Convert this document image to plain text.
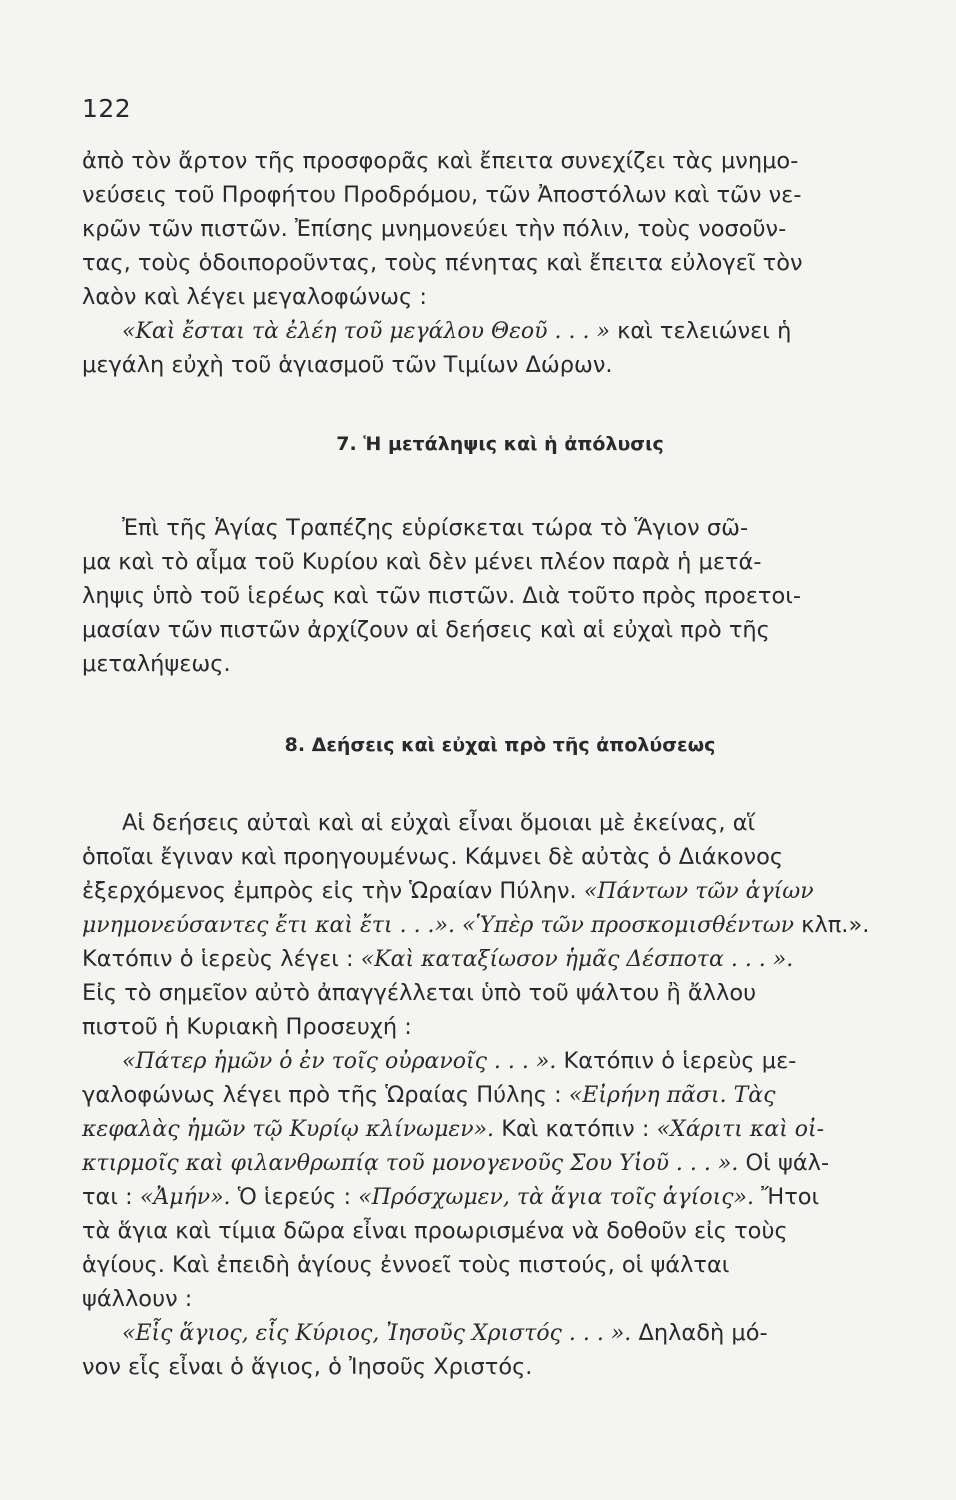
122
ἀπὸ τὸν ἄρτον τῆς προσφορᾶς καὶ ἔπειτα συνεχίζει τὰς μνημο-
νεύσεις τοῦ Προφήτου Προδρόμου, τῶν Ἀποστόλων καὶ τῶν νε-
κρῶν τῶν πιστῶν. Ἐπίσης μνημονεύει τὴν πόλιν, τοὺς νοσοῦν-
τας, τοὺς ὁδοιποροῦντας, τοὺς πένητας καὶ ἔπειτα εὐλογεῖ τὸν
λαὸν καὶ λέγει μεγαλοφώνως :
«Καὶ ἔσται τὰ ἐλέη τοῦ μεγάλου Θεοῦ . . . » καὶ τελειώνει ἡ
μεγάλη εὐχὴ τοῦ ἁγιασμοῦ τῶν Τιμίων Δώρων.
7. Ἡ μετάληψις καὶ ἡ ἀπόλυσις
Ἐπὶ τῆς Ἁγίας Τραπέζης εὑρίσκεται τώρα τὸ Ἅγιον σῶ-
μα καὶ τὸ αἷμα τοῦ Κυρίου καὶ δὲν μένει πλέον παρὰ ἡ μετά-
ληψις ὑπὸ τοῦ ἱερέως καὶ τῶν πιστῶν. Διὰ τοῦτο πρὸς προετοι-
μασίαν τῶν πιστῶν ἀρχίζουν αἱ δεήσεις καὶ αἱ εὐχαὶ πρὸ τῆς
μεταλήψεως.
8. Δεήσεις καὶ εὐχαὶ πρὸ τῆς ἀπολύσεως
Αἱ δεήσεις αὐταὶ καὶ αἱ εὐχαὶ εἶναι ὅμοιαι μὲ ἐκείνας, αἵ
ὁποῖαι ἔγιναν καὶ προηγουμένως. Κάμνει δὲ αὐτὰς ὁ Διάκονος
ἐξερχόμενος ἐμπρὸς εἰς τὴν Ὡραίαν Πύλην. «Πάντων τῶν ἁγίων
μνημονεύσαντες ἔτι καὶ ἔτι . . .». «Ὑπὲρ τῶν προσκομισθέντων κλπ.».
Κατόπιν ὁ ἱερεὺς λέγει : «Καὶ καταξίωσον ἡμᾶς Δέσποτα . . . ».
Εἰς τὸ σημεῖον αὐτὸ ἀπαγγέλλεται ὑπὸ τοῦ ψάλτου ἢ ἄλλου
πιστοῦ ἡ Κυριακὴ Προσευχή :
«Πάτερ ἡμῶν ὁ ἐν τοῖς οὐρανοῖς . . . ». Κατόπιν ὁ ἱερεὺς με-
γαλοφώνως λέγει πρὸ τῆς Ὡραίας Πύλης : «Εἰρήνη πᾶσι. Τὰς
κεφαλὰς ἡμῶν τῷ Κυρίῳ κλίνωμεν». Καὶ κατόπιν : «Χάριτι καὶ οἰ-
κτιρμοῖς καὶ φιλανθρωπίᾳ τοῦ μονογενοῦς Σου Υἱοῦ . . . ». Οἱ ψάλ-
ται : «Ἀμήν». Ὁ ἱερεύς : «Πρόσχωμεν, τὰ ἅγια τοῖς ἁγίοις». Ἤτοι
τὰ ἅγια καὶ τίμια δῶρα εἶναι προωρισμένα νὰ δοθοῦν εἰς τοὺς
ἁγίους. Καὶ ἐπειδὴ ἁγίους ἐννοεῖ τοὺς πιστούς, οἱ ψάλται
ψάλλουν :
«Εἷς ἅγιος, εἷς Κύριος, Ἰησοῦς Χριστός . . . ». Δηλαδὴ μό-
νον εἷς εἶναι ὁ ἅγιος, ὁ Ἰησοῦς Χριστός.
